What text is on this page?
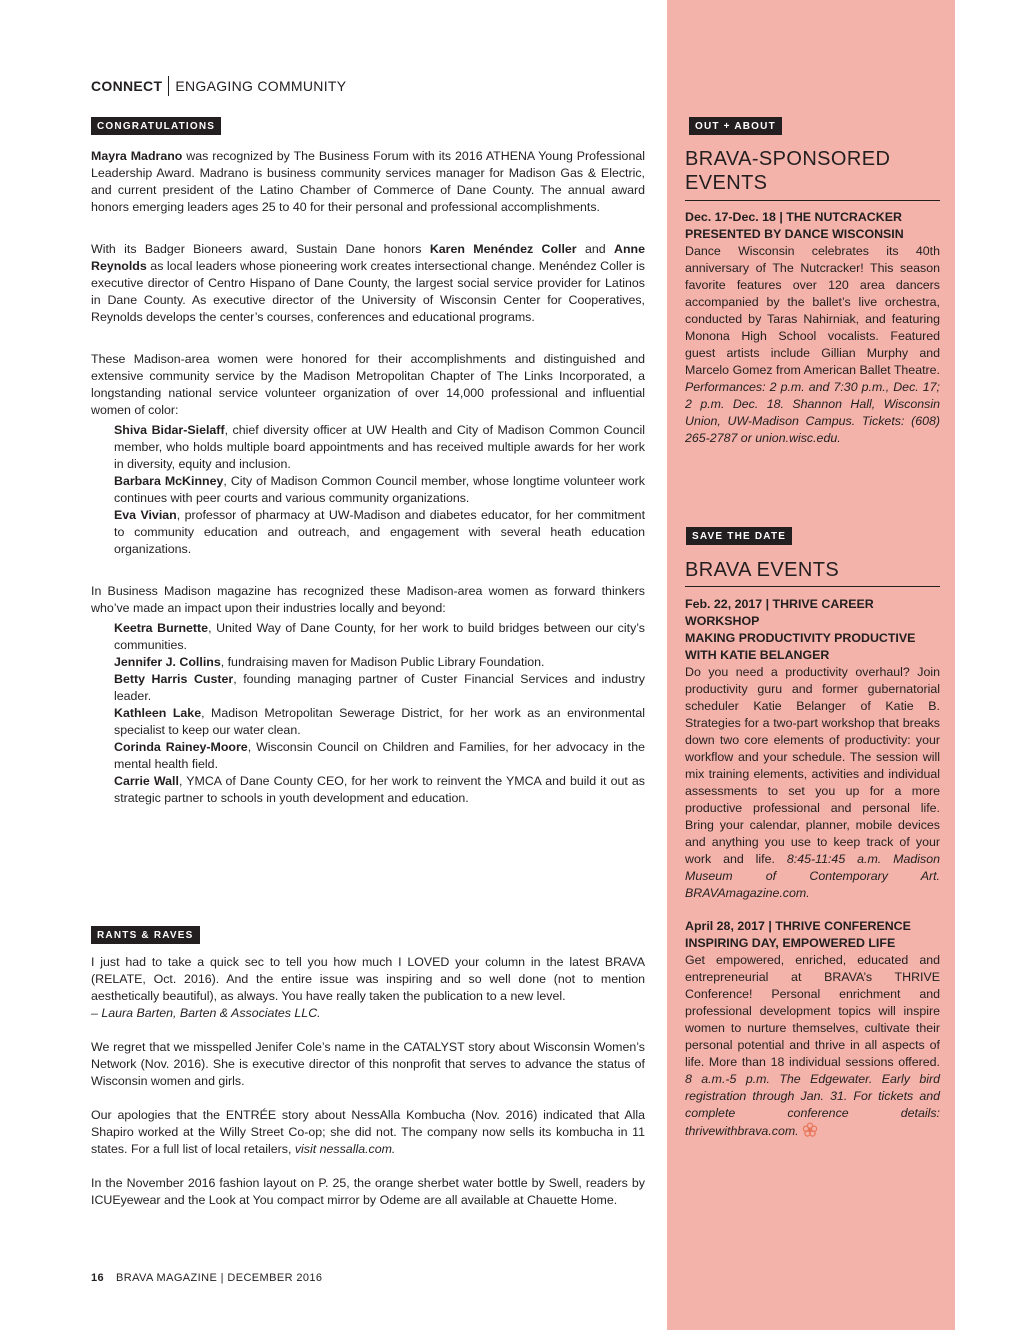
CONNECT ENGAGING COMMUNITY
CONGRATULATIONS

Mayra Madrano was recognized by The Business Forum with its 2016 ATHENA Young Professional Leadership Award. Madrano is business community services manager for Madison Gas & Electric, and current president of the Latino Chamber of Commerce of Dane County. The annual award honors emerging leaders ages 25 to 40 for their personal and professional accomplishments.

With its Badger Bioneers award, Sustain Dane honors Karen Menéndez Coller and Anne Reynolds as local leaders whose pioneering work creates intersectional change. Menéndez Coller is executive director of Centro Hispano of Dane County, the largest social service provider for Latinos in Dane County. As executive director of the University of Wisconsin Center for Cooperatives, Reynolds develops the center’s courses, conferences and educational programs.

These Madison-area women were honored for their accomplishments and distinguished and extensive community service by the Madison Metropolitan Chapter of The Links Incorporated, a longstanding national service volunteer organization of over 14,000 professional and influential women of color:

Shiva Bidar-Sielaff, chief diversity officer at UW Health and City of Madison Common Council member, who holds multiple board appointments and has received multiple awards for her work in diversity, equity and inclusion.

Barbara McKinney, City of Madison Common Council member, whose longtime volunteer work continues with peer courts and various community organizations.

Eva Vivian, professor of pharmacy at UW-Madison and diabetes educator, for her commitment to community education and outreach, and engagement with several heath education organizations.

In Business Madison magazine has recognized these Madison-area women as forward thinkers who’ve made an impact upon their industries locally and beyond:

Keetra Burnette, United Way of Dane County, for her work to build bridges between our city’s communities.

Jennifer J. Collins, fundraising maven for Madison Public Library Foundation.

Betty Harris Custer, founding managing partner of Custer Financial Services and industry leader.

Kathleen Lake, Madison Metropolitan Sewerage District, for her work as an environmental specialist to keep our water clean.

Corinda Rainey-Moore, Wisconsin Council on Children and Families, for her advocacy in the mental health field.

Carrie Wall, YMCA of Dane County CEO, for her work to reinvent the YMCA and build it out as strategic partner to schools in youth development and education.

RANTS & RAVES

I just had to take a quick sec to tell you how much I LOVED your column in the latest BRAVA (RELATE, Oct. 2016). And the entire issue was inspiring and so well done (not to mention aesthetically beautiful), as always. You have really taken the publication to a new level.
– Laura Barten, Barten & Associates LLC.

We regret that we misspelled Jenifer Cole’s name in the CATALYST story about Wisconsin Women’s Network (Nov. 2016). She is executive director of this nonprofit that serves to advance the status of Wisconsin women and girls.

Our apologies that the ENTRÉE story about NessAlla Kombucha (Nov. 2016) indicated that Alla Shapiro worked at the Willy Street Co-op; she did not. The company now sells its kombucha in 11 states. For a full list of local retailers, visit nessalla.com.

In the November 2016 fashion layout on P. 25, the orange sherbet water bottle by Swell, readers by ICUEyewear and the Look at You compact mirror by Odeme are all available at Chauette Home.

OUT + ABOUT
BRAVA-SPONSORED
EVENTS
Dec. 17-Dec. 18 | THE NUTCRACKER
PRESENTED BY DANCE WISCONSIN

Dance Wisconsin celebrates its 40th anniversary of The Nutcracker! This season favorite features over 120 area dancers accompanied by the ballet’s live orchestra, conducted by Taras Nahirniak, and featuring Monona High School vocalists. Featured guest artists include Gillian Murphy and Marcelo Gomez from American Ballet Theatre. Performances: 2 p.m. and 7:30 p.m., Dec. 17; 2 p.m. Dec. 18. Shannon Hall, Wisconsin Union, UW-Madison Campus. Tickets: (608) 265-2787 or union.wisc.edu.

SAVE THE DATE
BRAVA EVENTS
Feb. 22, 2017 | THRIVE CAREER WORKSHOP
MAKING PRODUCTIVITY PRODUCTIVE WITH KATIE BELANGER

Do you need a productivity overhaul? Join productivity guru and former gubernatorial scheduler Katie Belanger of Katie B. Strategies for a two-part workshop that breaks down two core elements of productivity: your workflow and your schedule. The session will mix training elements, activities and individual assessments to set you up for a more productive professional and personal life. Bring your calendar, planner, mobile devices and anything you use to keep track of your work and life. 8:45-11:45 a.m. Madison Museum of Contemporary Art. BRAVAmagazine.com.

April 28, 2017 | THRIVE CONFERENCE
INSPIRING DAY, EMPOWERED LIFE

Get empowered, enriched, educated and entrepreneurial at BRAVA’s THRIVE Conference! Personal enrichment and professional development topics will inspire women to nurture themselves, cultivate their personal potential and thrive in all aspects of life. More than 18 individual sessions offered. 8 a.m.-5 p.m. The Edgewater. Early bird registration through Jan. 31. For tickets and complete conference details: thrivewithbrava.com.

16 BRAVA MAGAZINE | DECEMBER 2016
